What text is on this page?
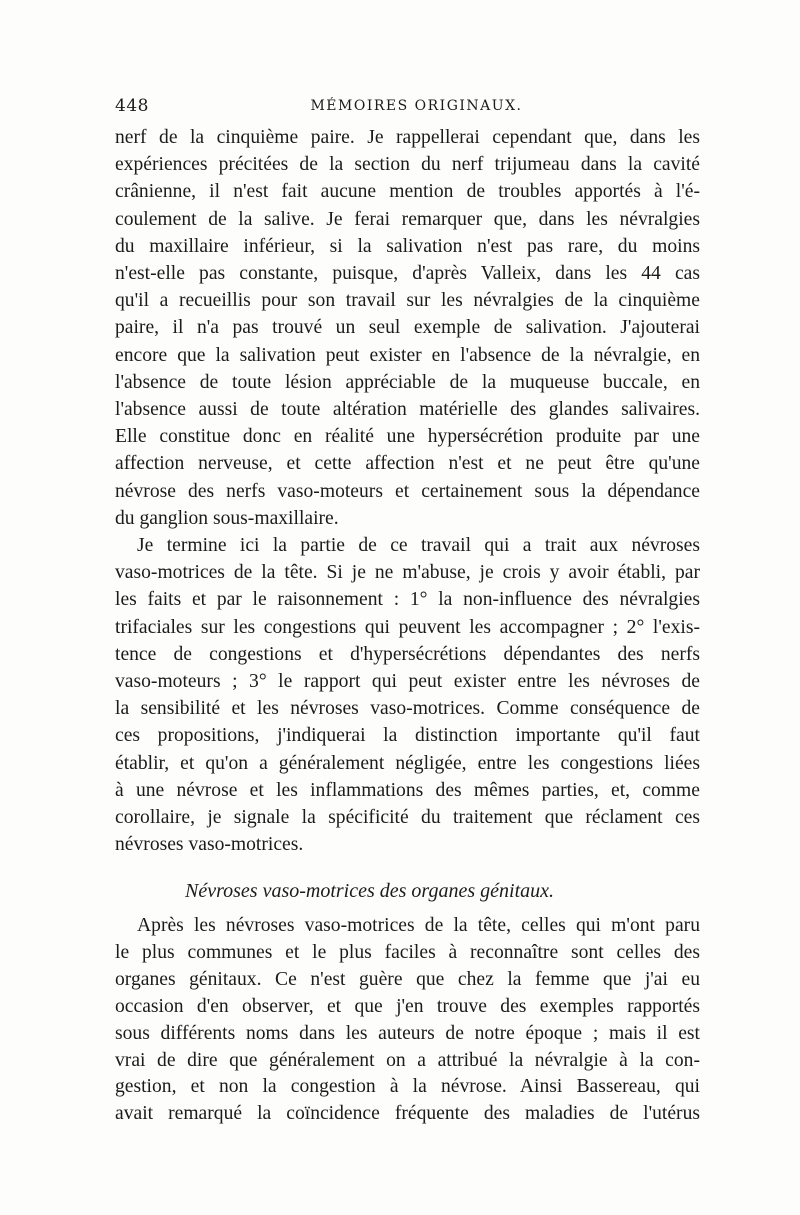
448	MÉMOIRES ORIGINAUX.
nerf de la cinquième paire. Je rappellerai cependant que, dans les
expériences précitées de la section du nerf trijumeau dans la cavité
crânienne, il n'est fait aucune mention de troubles apportés à l'é-
coulement de la salive. Je ferai remarquer que, dans les névralgies
du maxillaire inférieur, si la salivation n'est pas rare, du moins
n'est-elle pas constante, puisque, d'après Valleix, dans les 44 cas
qu'il a recueillis pour son travail sur les névralgies de la cinquième
paire, il n'a pas trouvé un seul exemple de salivation. J'ajouterai
encore que la salivation peut exister en l'absence de la névralgie, en
l'absence de toute lésion appréciable de la muqueuse buccale, en
l'absence aussi de toute altération matérielle des glandes salivaires.
Elle constitue donc en réalité une hypersécrétion produite par une
affection nerveuse, et cette affection n'est et ne peut être qu'une
névrose des nerfs vaso-moteurs et certainement sous la dépendance
du ganglion sous-maxillaire.
Je termine ici la partie de ce travail qui a trait aux névroses
vaso-motrices de la tête. Si je ne m'abuse, je crois y avoir établi, par
les faits et par le raisonnement : 1° la non-influence des névralgies
trifaciales sur les congestions qui peuvent les accompagner ; 2° l'exis-
tence de congestions et d'hypersécrétions dépendantes des nerfs
vaso-moteurs ; 3° le rapport qui peut exister entre les névroses de
la sensibilité et les névroses vaso-motrices. Comme conséquence de
ces propositions, j'indiquerai la distinction importante qu'il faut
établir, et qu'on a généralement négligée, entre les congestions liées
à une névrose et les inflammations des mêmes parties, et, comme
corollaire, je signale la spécificité du traitement que réclament ces
névroses vaso-motrices.
Névroses vaso-motrices des organes génitaux.
Après les névroses vaso-motrices de la tête, celles qui m'ont paru
le plus communes et le plus faciles à reconnaître sont celles des
organes génitaux. Ce n'est guère que chez la femme que j'ai eu
occasion d'en observer, et que j'en trouve des exemples rapportés
sous différents noms dans les auteurs de notre époque ; mais il est
vrai de dire que généralement on a attribué la névralgie à la con-
gestion, et non la congestion à la névrose. Ainsi Bassereau, qui
avait remarqué la coïncidence fréquente des maladies de l'utérus
